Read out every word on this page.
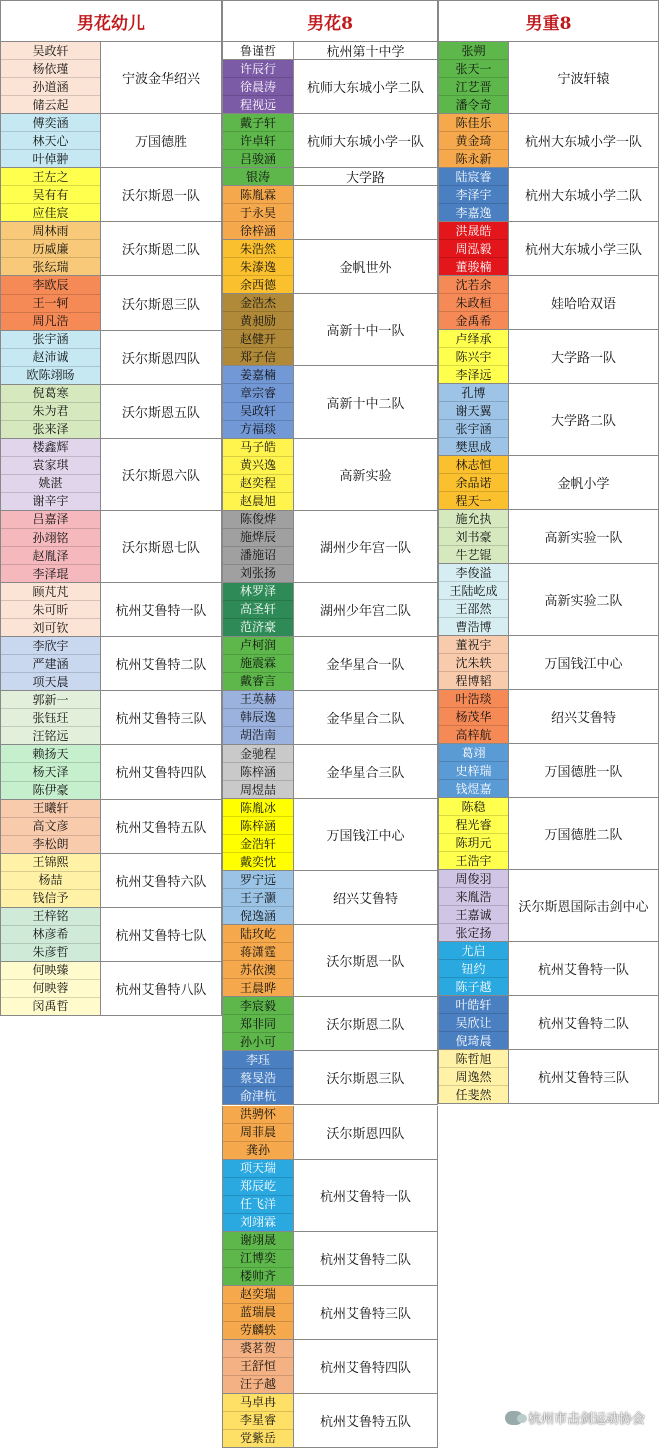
男花幼儿
吴政轩
杨依瑾
孙道涵
储云起
宁波金华绍兴
傅奕涵
林天心
叶倬翀
万国德胜
王左之
吴有有
应佳宸
沃尔斯恩一队
周林雨
历威廉
张纭瑞
沃尔斯恩二队
李欧辰
王一轲
周凡浩
沃尔斯恩三队
张宇涵
赵沛诚
欧陈翊旸
沃尔斯恩四队
倪葛寒
朱为君
张来泽
沃尔斯恩五队
楼鑫辉
袁家琪
姚湛
谢辛宇
沃尔斯恩六队
吕嘉泽
孙翊铭
赵胤泽
李泽琨
沃尔斯恩七队
顾芃芃
朱可昕
刘可钦
杭州艾鲁特一队
李欣宇
严建涵
项天晨
杭州艾鲁特二队
郭新一
张钰玨
汪铭远
杭州艾鲁特三队
赖扬天
杨天泽
陈伊豪
杭州艾鲁特四队
王曦轩
高文彦
李松朗
杭州艾鲁特五队
王锦熙
杨喆
钱信予
杭州艾鲁特六队
王梓铭
林彦希
朱彦哲
杭州艾鲁特七队
何映臻
何映蓉
闵禹哲
杭州艾鲁特八队
男花8
鲁谨哲	杭州第十中学
许辰行
徐晨涛
程视远
杭师大东城小学二队
戴子轩
许卓轩
吕骏涵
杭师大东城小学一队
银涛	大学路
陈胤霖
于永昊
徐梓涵
朱浩然
朱溙逸
余西德
金帆世外
金浩杰
黄昶励
赵健开
郑子信
高新十中一队
姜嘉楠
章宗睿
吴政轩
方福琰
高新十中二队
马子皓
黄兴逸
赵奕程
赵晨旭
高新实验
陈俊烨
施烨辰
潘施诏
刘张扬
湖州少年宫一队
林罗泽
高圣轩
范济豪
湖州少年宫二队
卢柯润
施震霖
戴睿言
金华星合一队
王英赫
韩辰逸
胡浩南
金华星合二队
金驰程
陈梓涵
周煜喆
金华星合三队
陈胤冰
陈梓涵
金浩轩
戴奕忱
万国钱江中心
罗宁远
王子灏
倪逸涵
绍兴艾鲁特
陆玫屹
蒋潇霆
苏依澳
王晨晔
沃尔斯恩一队
李宸毅
郑非同
孙小可
沃尔斯恩二队
李珏
蔡旻浩
俞津杭
沃尔斯恩三队
洪骋怀
周菲晨
龚孙
沃尔斯恩四队
项天瑞
郑辰屹
任飞洋
刘翊霖
杭州艾鲁特一队
谢翊晟
江博奕
楼帅齐
杭州艾鲁特二队
赵奕瑞
蓝瑞晨
劳麟轶
杭州艾鲁特三队
裘茗贺
王舒恒
汪子越
杭州艾鲁特四队
马卓冉
李星睿
党紫岳
杭州艾鲁特五队
男重8
张朔
张天一
江艺晋
潘令奇
宁波轩辕
陈佳乐
黄金琦
陈永新
杭州大东城小学一队
陆宸睿
李泽宇
李嘉逸
杭州大东城小学二队
洪晟皓
周泓毅
董骏楠
杭州大东城小学三队
沈若余
朱政桓
金禹希
娃哈哈双语
卢绎承
陈兴宇
李泽远
大学路一队
孔博
谢天翼
张宇涵
樊思成
大学路二队
林志恒
余品诺
程天一
金帆小学
施允执
刘书豪
牛艺锟
高新实验一队
李俊溢
王陆屹成
王邵然
曹浩博
高新实验二队
董祝宇
沈朱轶
程博韬
万国钱江中心
叶浩琰
杨茂华
高梓航
绍兴艾鲁特
葛翊
史梓瑞
钱煜嘉
万国德胜一队
陈稳
程光睿
陈玥元
王浩宇
万国德胜二队
周俊羽
来胤浩
王嘉诚
张定扬
沃尔斯恩国际击剑中心
尤启
钮约
陈子越
杭州艾鲁特一队
叶皓轩
吴欣让
倪琦晨
杭州艾鲁特二队
陈哲旭
周逸然
任斐然
杭州艾鲁特三队
杭州市击剑运动协会
